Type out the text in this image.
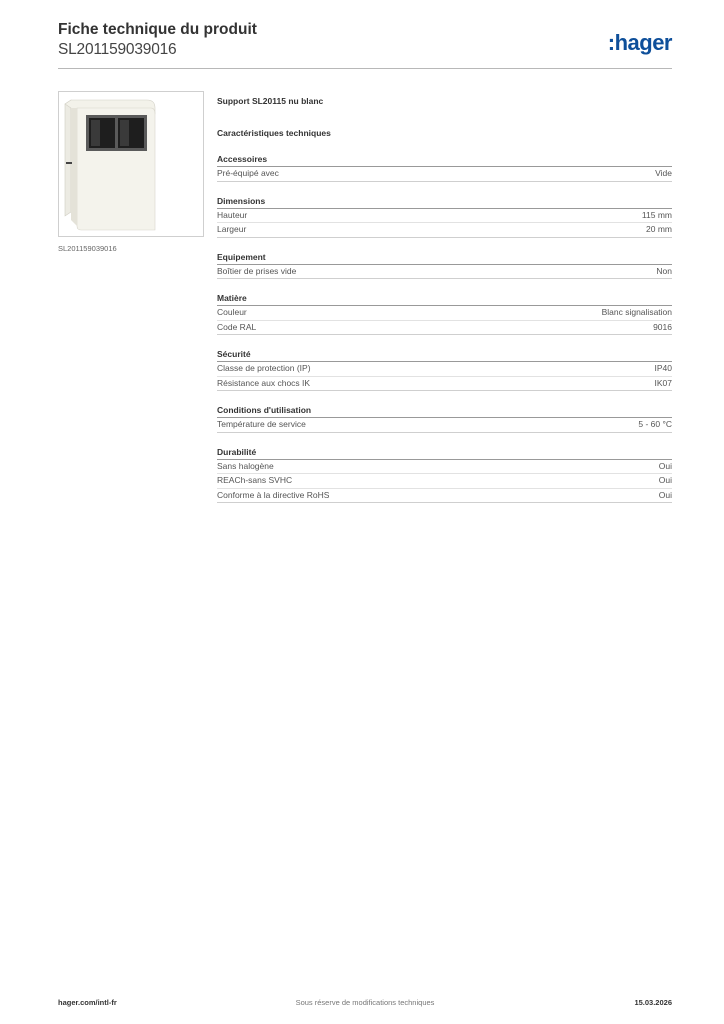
Fiche technique du produit
SL201159039016	:hager
SL201159039016
Support SL20115 nu blanc
Caractéristiques techniques
Accessoires
Pré-équipé avec	Vide
Dimensions
Hauteur	115 mm
Largeur	20 mm
Equipement
Boîtier de prises vide	Non
Matière
Couleur	Blanc signalisation
Code RAL	9016
Sécurité
Classe de protection (IP)	IP40
Résistance aux chocs IK	IK07
Conditions d'utilisation
Température de service	5 - 60 °C
Durabilité
Sans halogène	Oui
REACh-sans SVHC	Oui
Conforme à la directive RoHS	Oui
hager.com/intl-fr	Sous réserve de modifications techniques	15.03.2026
